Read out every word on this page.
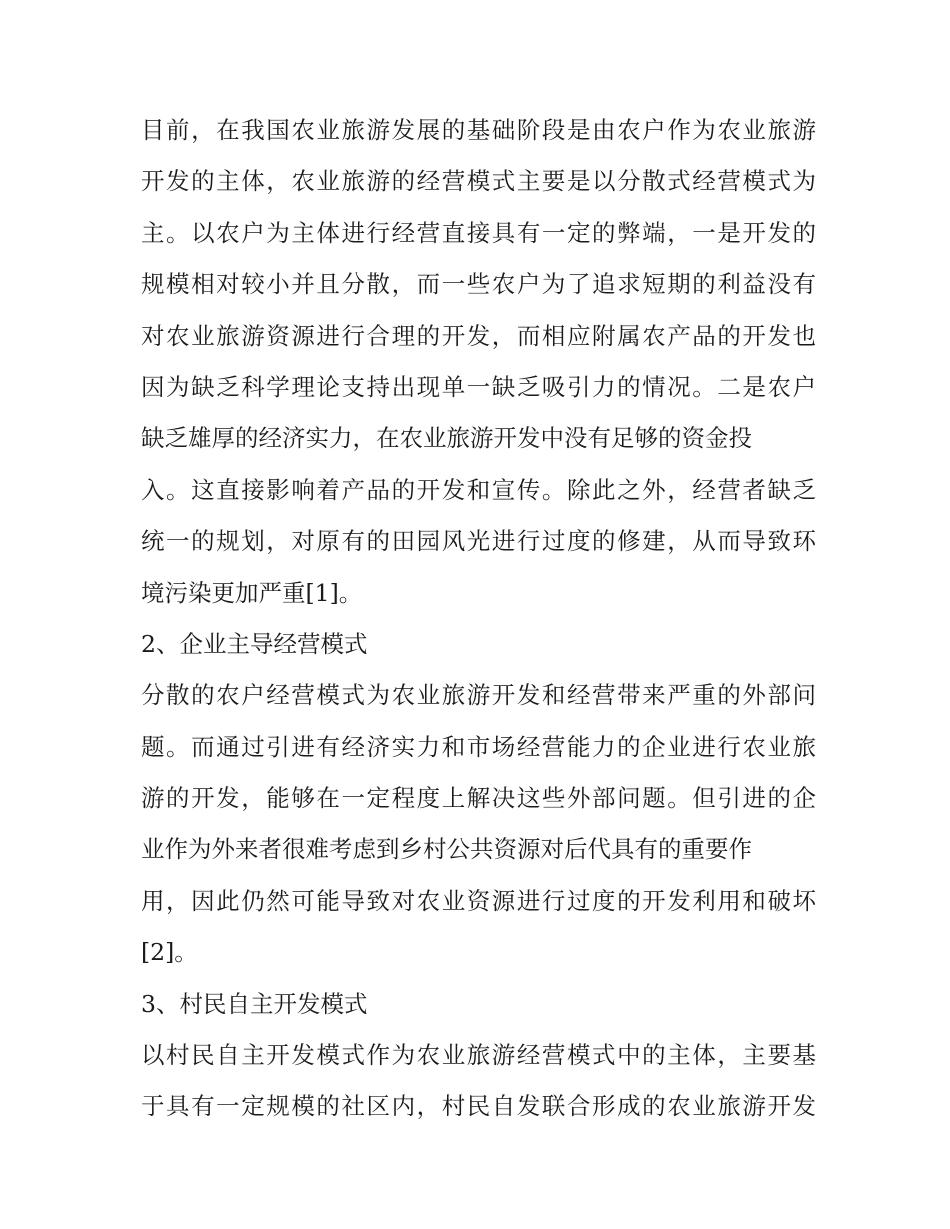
目前，在我国农业旅游发展的基础阶段是由农户作为农业旅游

开发的主体，农业旅游的经营模式主要是以分散式经营模式为

主。以农户为主体进行经营直接具有一定的弊端，一是开发的

规模相对较小并且分散，而一些农户为了追求短期的利益没有

对农业旅游资源进行合理的开发，而相应附属农产品的开发也

因为缺乏科学理论支持出现单一缺乏吸引力的情况。二是农户

缺乏雄厚的经济实力，在农业旅游开发中没有足够的资金投

入。这直接影响着产品的开发和宣传。除此之外，经营者缺乏

统一的规划，对原有的田园风光进行过度的修建，从而导致环

境污染更加严重[1]。

2、企业主导经营模式

分散的农户经营模式为农业旅游开发和经营带来严重的外部问

题。而通过引进有经济实力和市场经营能力的企业进行农业旅

游的开发，能够在一定程度上解决这些外部问题。但引进的企

业作为外来者很难考虑到乡村公共资源对后代具有的重要作

用，因此仍然可能导致对农业资源进行过度的开发利用和破坏

[2]。

3、村民自主开发模式

以村民自主开发模式作为农业旅游经营模式中的主体，主要基

于具有一定规模的社区内，村民自发联合形成的农业旅游开发
